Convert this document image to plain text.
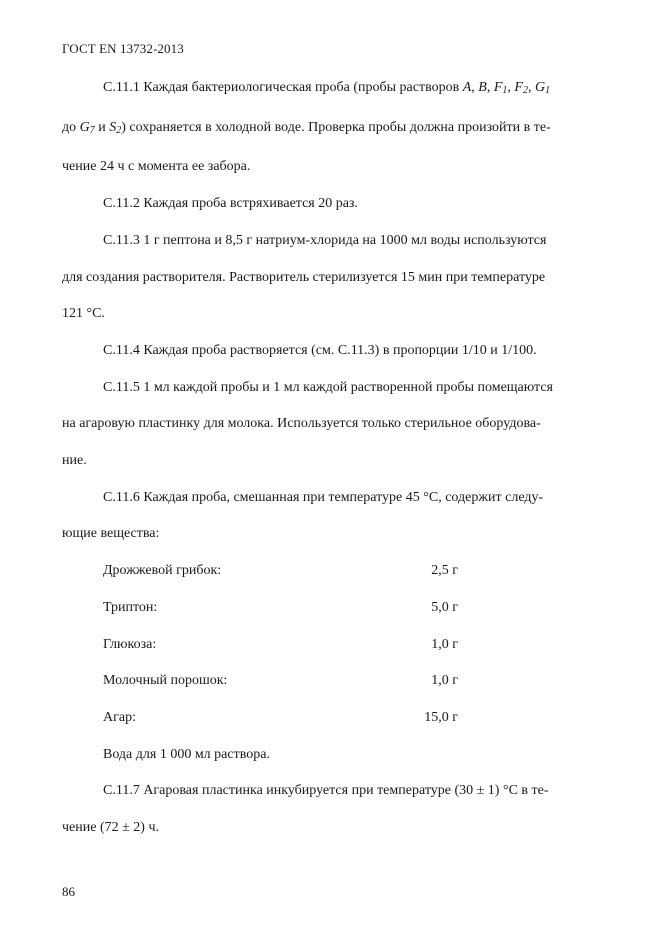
ГОСТ EN 13732-2013

С.11.1 Каждая бактериологическая проба (пробы растворов A, B, $F_1$, $F_2$, $G_1$
до $G_7$ и $S_2$) сохраняется в холодной воде. Проверка пробы должна произойти в те-
чение 24 ч с момента ее забора.

С.11.2 Каждая проба встряхивается 20 раз.

С.11.3 1 г пептона и 8,5 г натриум-хлорида на 1000 мл воды используются
для создания растворителя. Растворитель стерилизуется 15 мин при температуре
121 °С.

С.11.4 Каждая проба растворяется (см. С.11.3) в пропорции 1/10 и 1/100.

С.11.5 1 мл каждой пробы и 1 мл каждой растворенной пробы помещаются
на агаровую пластинку для молока. Используется только стерильное оборудова-
ние.

С.11.6 Каждая проба, смешанная при температуре 45 °С, содержит следу-
ющие вещества:

Дрожжевой грибок:	2,5 г
Триптон:	5,0 г
Глюкоза:	1,0 г
Молочный порошок:	1,0 г
Агар:	15,0 г

Вода для 1 000 мл раствора.

С.11.7 Агаровая пластинка инкубируется при температуре (30 ± 1) °С в те-
чение (72 ± 2) ч.

86
